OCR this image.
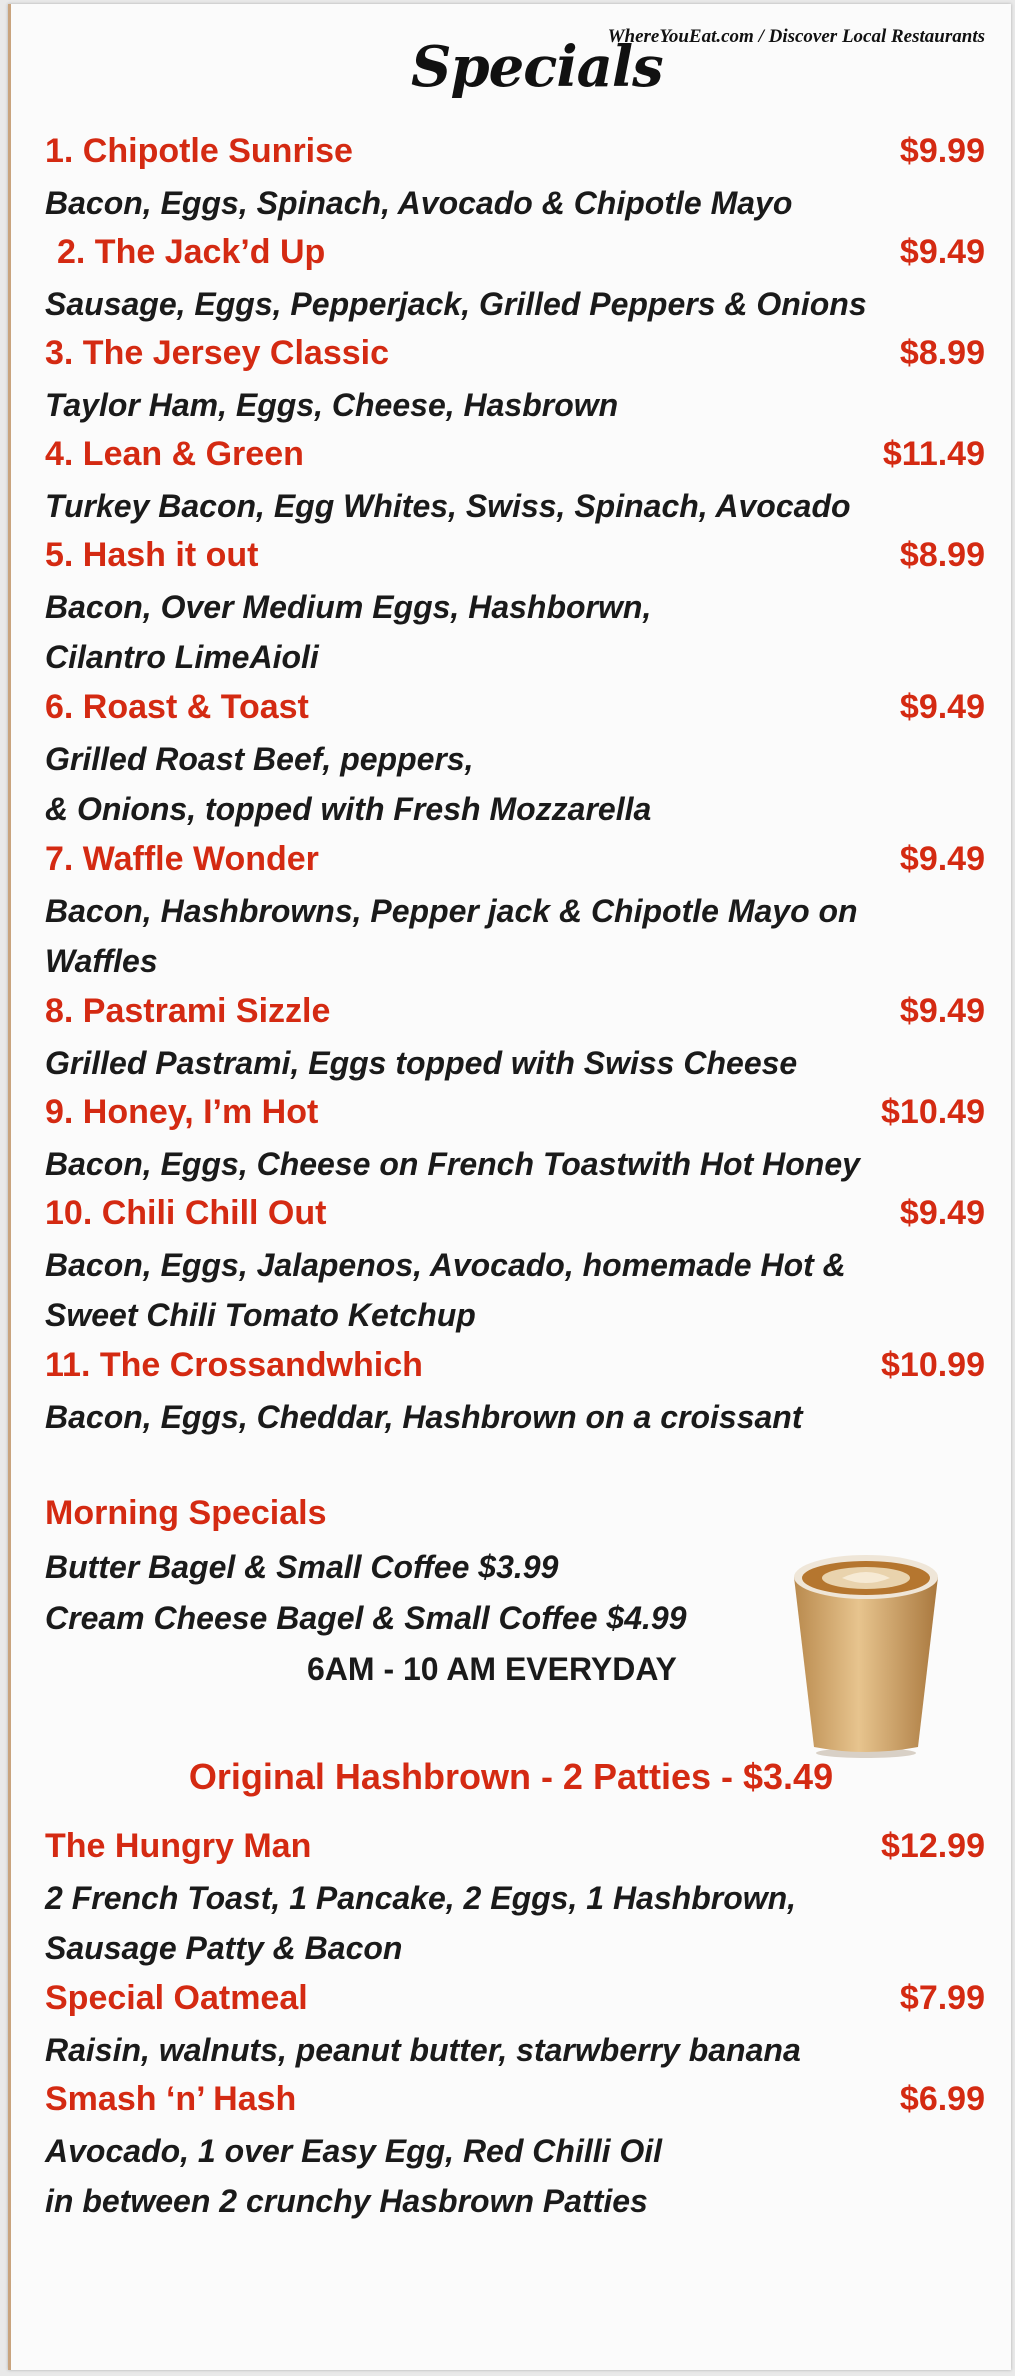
WhereYouEat.com / Discover Local Restaurants
Specials
1. Chipotle Sunrise	$9.99
Bacon, Eggs, Spinach, Avocado & Chipotle Mayo
2. The Jack’d Up	$9.49
Sausage, Eggs, Pepperjack, Grilled Peppers & Onions
3. The Jersey Classic	$8.99
Taylor Ham, Eggs, Cheese, Hasbrown
4. Lean & Green	$11.49
Turkey Bacon, Egg Whites, Swiss, Spinach, Avocado
5. Hash it out	$8.99
Bacon, Over Medium Eggs, Hashborwn,
Cilantro LimeAioli
6. Roast & Toast	$9.49
Grilled Roast Beef, peppers,
& Onions, topped with Fresh Mozzarella
7. Waffle Wonder	$9.49
Bacon, Hashbrowns, Pepper jack & Chipotle Mayo on
Waffles
8. Pastrami Sizzle	$9.49
Grilled Pastrami, Eggs topped with Swiss Cheese
9. Honey, I’m Hot	$10.49
Bacon, Eggs, Cheese on French Toastwith Hot Honey
10. Chili Chill Out	$9.49
Bacon, Eggs, Jalapenos, Avocado, homemade Hot &
Sweet Chili Tomato Ketchup
11. The Crossandwhich	$10.99
Bacon, Eggs, Cheddar, Hashbrown on a croissant
Morning Specials
Butter Bagel & Small Coffee $3.99
Cream Cheese Bagel & Small Coffee $4.99
6AM - 10 AM EVERYDAY
Original Hashbrown - 2 Patties - $3.49
The Hungry Man	$12.99
2 French Toast, 1 Pancake, 2 Eggs, 1 Hashbrown,
Sausage Patty & Bacon
Special Oatmeal	$7.99
Raisin, walnuts, peanut butter, starwberry banana
Smash ‘n’ Hash	$6.99
Avocado, 1 over Easy Egg, Red Chilli Oil
in between 2 crunchy Hasbrown Patties
